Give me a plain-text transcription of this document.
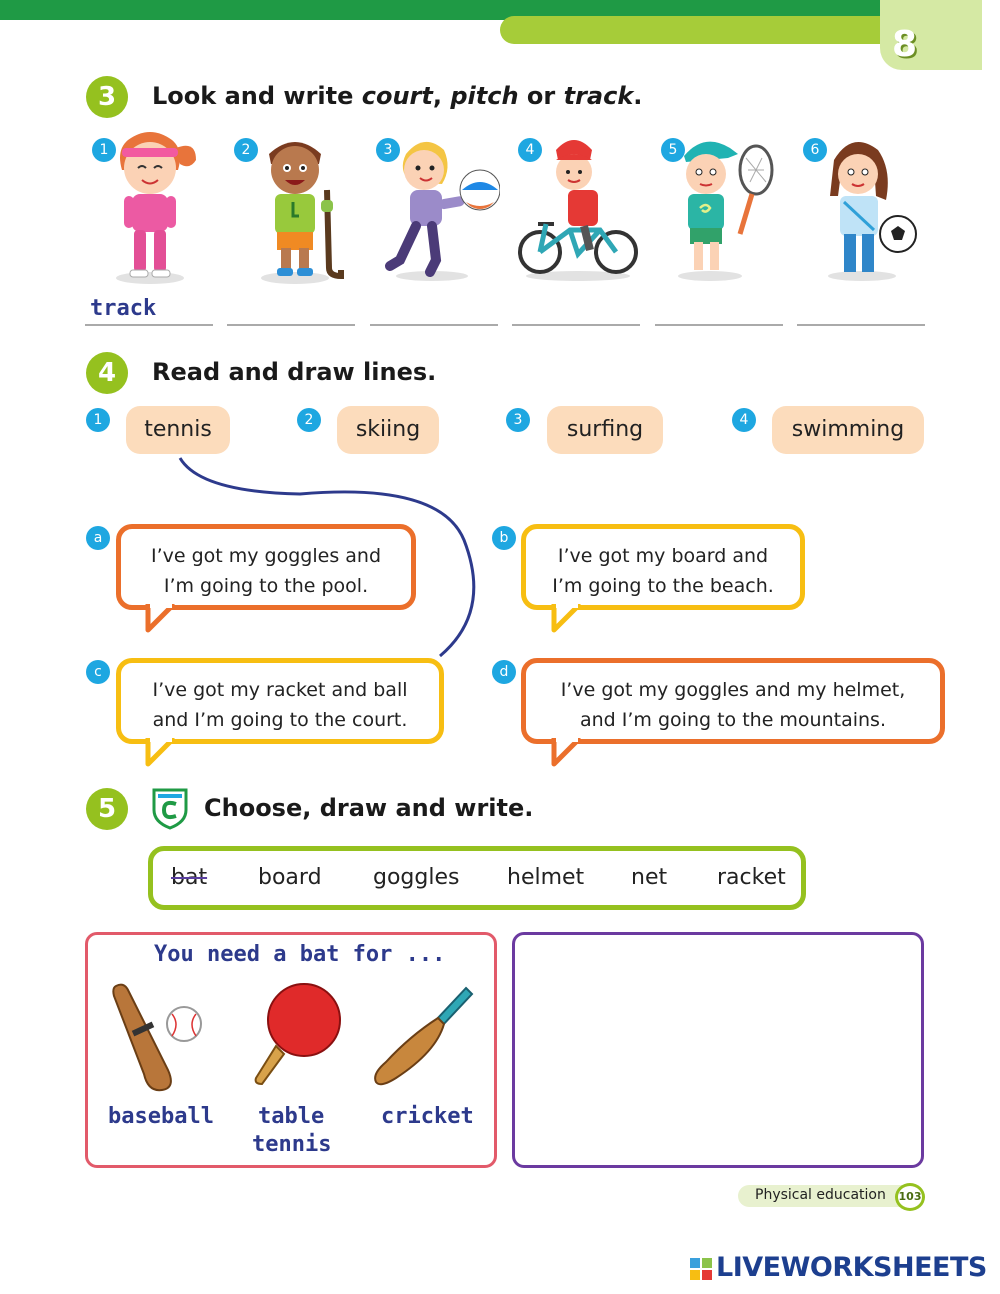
8
3	Look and write court, pitch or track.
1	2	3	4	5	6
track
4	Read and draw lines.
1	2	3	4
tennis	skiing	surfing	swimming
a	b
c	d
I’ve got my goggles and
I’m going to the pool.
I’ve got my board and
I’m going to the beach.
I’ve got my racket and ball
and I’m going to the court.
I’ve got my goggles and my helmet,
and I’m going to the mountains.
5	Choose, draw and write.
bat board goggles helmet net racket
You need a bat for ...
baseball table
tennis
cricket
Physical education	103
LIVEWORKSHEETS
